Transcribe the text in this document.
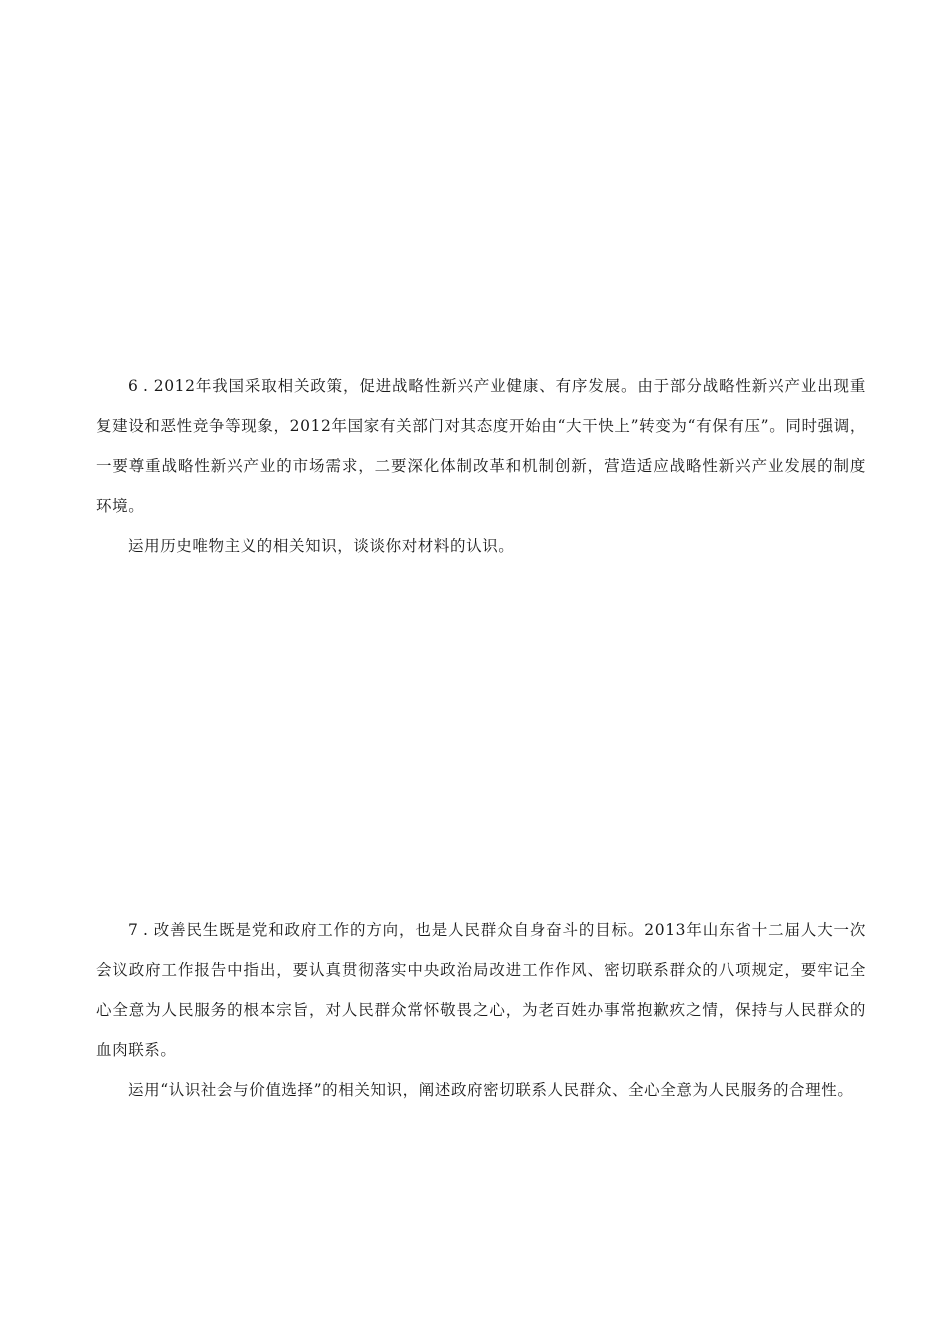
6 . 2012年我国采取相关政策，促进战略性新兴产业健康、有序发展。由于部分战略性新兴产业出现重复建设和恶性竞争等现象，2012年国家有关部门对其态度开始由“大干快上”转变为“有保有压”。同时强调，一要尊重战略性新兴产业的市场需求，二要深化体制改革和机制创新，营造适应战略性新兴产业发展的制度环境。

运用历史唯物主义的相关知识，谈谈你对材料的认识。

7 . 改善民生既是党和政府工作的方向，也是人民群众自身奋斗的目标。2013年山东省十二届人大一次会议政府工作报告中指出，要认真贯彻落实中央政治局改进工作作风、密切联系群众的八项规定，要牢记全心全意为人民服务的根本宗旨，对人民群众常怀敬畏之心，为老百姓办事常抱歉疚之情，保持与人民群众的血肉联系。

运用“认识社会与价值选择”的相关知识，阐述政府密切联系人民群众、全心全意为人民服务的合理性。
